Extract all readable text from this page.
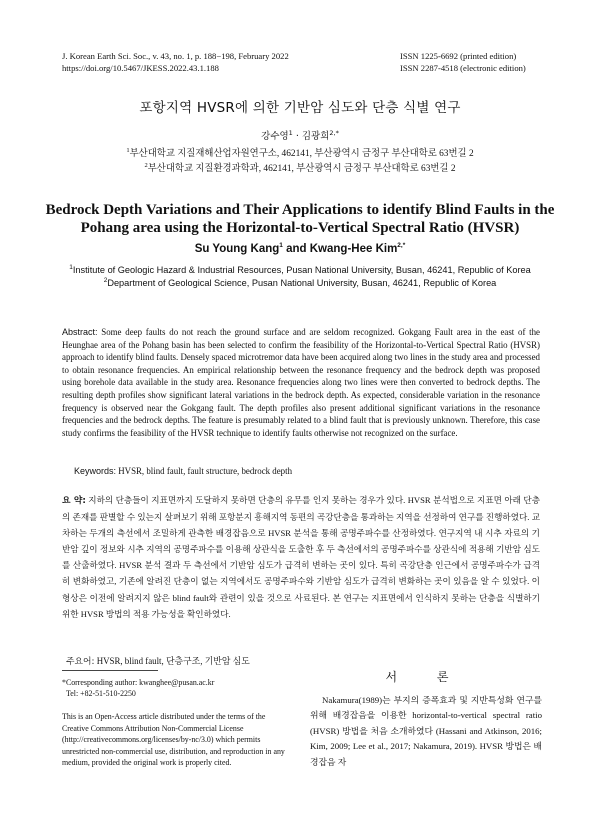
J. Korean Earth Sci. Soc., v. 43, no. 1, p. 188−198, February 2022
https://doi.org/10.5467/JKESS.2022.43.1.188
ISSN 1225-6692 (printed edition)
ISSN 2287-4518 (electronic edition)
포항지역 HVSR에 의한 기반암 심도와 단층 식별 연구
강수영$^1$ · 김광희$^{2,*}$
$^1$부산대학교 지질재해산업자원연구소, 462141, 부산광역시 금정구 부산대학로 63번길 2
$^2$부산대학교 지질환경과학과, 462141, 부산광역시 금정구 부산대학로 63번길 2
Bedrock Depth Variations and Their Applications to identify Blind Faults in the Pohang area using the Horizontal-to-Vertical Spectral Ratio (HVSR)
Su Young Kang$^1$ and Kwang-Hee Kim$^{2,*}$
$^1$Institute of Geologic Hazard & Industrial Resources, Pusan National University, Busan, 46241, Republic of Korea
$^2$Department of Geological Science, Pusan National University, Busan, 46241, Republic of Korea
Abstract: Some deep faults do not reach the ground surface and are seldom recognized. Gokgang Fault area in the east of the Heunghae area of the Pohang basin has been selected to confirm the feasibility of the Horizontal-to-Vertical Spectral Ratio (HVSR) approach to identify blind faults. Densely spaced microtremor data have been acquired along two lines in the study area and processed to obtain resonance frequencies. An empirical relationship between the resonance frequency and the bedrock depth was proposed using borehole data available in the study area. Resonance frequencies along two lines were then converted to bedrock depths. The resulting depth profiles show significant lateral variations in the bedrock depth. As expected, considerable variation in the resonance frequency is observed near the Gokgang fault. The depth profiles also present additional significant variations in the resonance frequencies and the bedrock depths. The feature is presumably related to a blind fault that is previously unknown. Therefore, this case study confirms the feasibility of the HVSR technique to identify faults otherwise not recognized on the surface.
Keywords: HVSR, blind fault, fault structure, bedrock depth
요 약: 지하의 단층들이 지표면까지 도달하지 못하면 단층의 유무를 인지 못하는 경우가 있다. HVSR 분석법으로 지표면 아래 단층의 존재를 판별할 수 있는지 살펴보기 위해 포항분지 흥해지역 동편의 곡강단층을 통과하는 지역을 선정하여 연구를 진행하였다. 교차하는 두개의 측선에서 조밀하게 관측한 배경잡음으로 HVSR 분석을 통해 공명주파수를 산정하였다. 연구지역 내 시추 자료의 기반암 깊이 정보와 시추 지역의 공명주파수를 이용해 상관식을 도출한 후 두 측선에서의 공명주파수를 상관식에 적용해 기반암 심도를 산출하였다. HVSR 분석 결과 두 측선에서 기반암 심도가 급격히 변하는 곳이 있다. 특히 곡강단층 인근에서 공명주파수가 급격히 변화하였고, 기존에 알려진 단층이 없는 지역에서도 공명주파수와 기반암 심도가 급격히 변화하는 곳이 있음을 알 수 있었다. 이 형상은 이전에 알려지지 않은 blind fault와 관련이 있을 것으로 사료된다. 본 연구는 지표면에서 인식하지 못하는 단층을 식별하기 위한 HVSR 방법의 적용 가능성을 확인하였다.
주요어: HVSR, blind fault, 단층구조, 기반암 심도
*Corresponding author: kwanghee@pusan.ac.kr
Tel: +82-51-510-2250
This is an Open-Access article distributed under the terms of the Creative Commons Attribution Non-Commercial License (http://creativecommons.org/licenses/by-nc/3.0) which permits unrestricted non-commercial use, distribution, and reproduction in any medium, provided the original work is properly cited.
서 론
Nakamura(1989)는 부지의 증폭효과 및 지반특성화 연구를 위해 배경잡음을 이용한 horizontal-to-vertical spectral ratio (HVSR) 방법을 처음 소개하였다 (Hassani and Atkinson, 2016; Kim, 2009; Lee et al., 2017; Nakamura, 2019). HVSR 방법은 배경잡음 자
